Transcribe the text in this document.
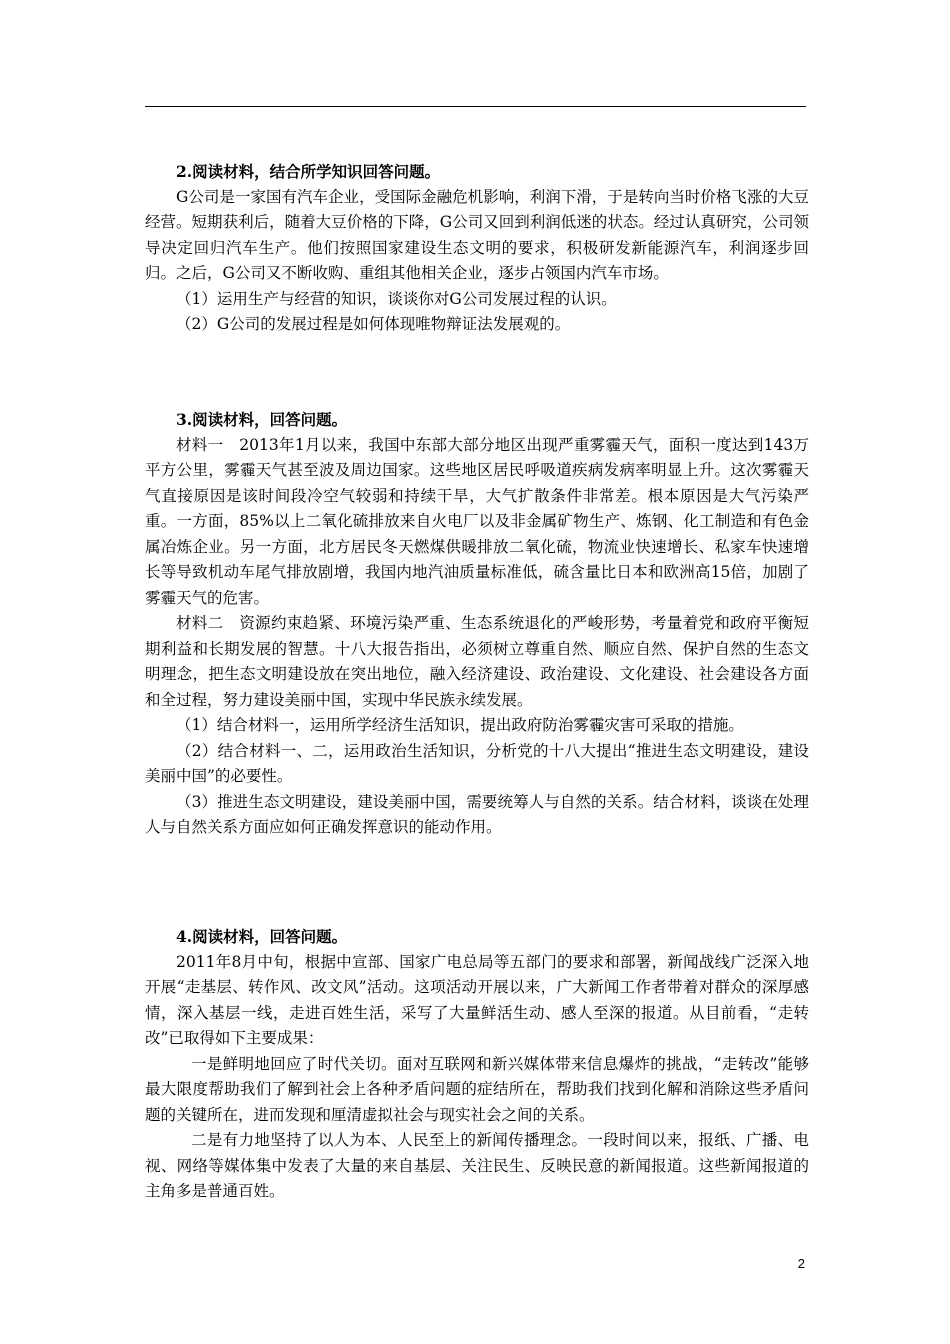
2.阅读材料，结合所学知识回答问题。

G公司是一家国有汽车企业，受国际金融危机影响，利润下滑，于是转向当时价格飞涨的大豆经营。短期获利后，随着大豆价格的下降，G公司又回到利润低迷的状态。经过认真研究，公司领导决定回归汽车生产。他们按照国家建设生态文明的要求，积极研发新能源汽车，利润逐步回归。之后，G公司又不断收购、重组其他相关企业，逐步占领国内汽车市场。

（1）运用生产与经营的知识，谈谈你对G公司发展过程的认识。

（2）G公司的发展过程是如何体现唯物辩证法发展观的。

3.阅读材料，回答问题。

材料一　2013年1月以来，我国中东部大部分地区出现严重雾霾天气，面积一度达到143万平方公里，雾霾天气甚至波及周边国家。这些地区居民呼吸道疾病发病率明显上升。这次雾霾天气直接原因是该时间段冷空气较弱和持续干旱，大气扩散条件非常差。根本原因是大气污染严重。一方面，85%以上二氧化硫排放来自火电厂以及非金属矿物生产、炼钢、化工制造和有色金属冶炼企业。另一方面，北方居民冬天燃煤供暖排放二氧化硫，物流业快速增长、私家车快速增长等导致机动车尾气排放剧增，我国内地汽油质量标准低，硫含量比日本和欧洲高15倍，加剧了雾霾天气的危害。

材料二　资源约束趋紧、环境污染严重、生态系统退化的严峻形势，考量着党和政府平衡短期利益和长期发展的智慧。十八大报告指出，必须树立尊重自然、顺应自然、保护自然的生态文明理念，把生态文明建设放在突出地位，融入经济建设、政治建设、文化建设、社会建设各方面和全过程，努力建设美丽中国，实现中华民族永续发展。

（1）结合材料一，运用所学经济生活知识，提出政府防治雾霾灾害可采取的措施。

（2）结合材料一、二，运用政治生活知识，分析党的十八大提出“推进生态文明建设，建设美丽中国”的必要性。

（3）推进生态文明建设，建设美丽中国，需要统筹人与自然的关系。结合材料，谈谈在处理人与自然关系方面应如何正确发挥意识的能动作用。

4.阅读材料，回答问题。

2011年8月中旬，根据中宣部、国家广电总局等五部门的要求和部署，新闻战线广泛深入地开展“走基层、转作风、改文风”活动。这项活动开展以来，广大新闻工作者带着对群众的深厚感情，深入基层一线，走进百姓生活，采写了大量鲜活生动、感人至深的报道。从目前看，“走转改”已取得如下主要成果：

一是鲜明地回应了时代关切。面对互联网和新兴媒体带来信息爆炸的挑战，“走转改”能够最大限度帮助我们了解到社会上各种矛盾问题的症结所在，帮助我们找到化解和消除这些矛盾问题的关键所在，进而发现和厘清虚拟社会与现实社会之间的关系。

二是有力地坚持了以人为本、人民至上的新闻传播理念。一段时间以来，报纸、广播、电视、网络等媒体集中发表了大量的来自基层、关注民生、反映民意的新闻报道。这些新闻报道的主角多是普通百姓。

2
